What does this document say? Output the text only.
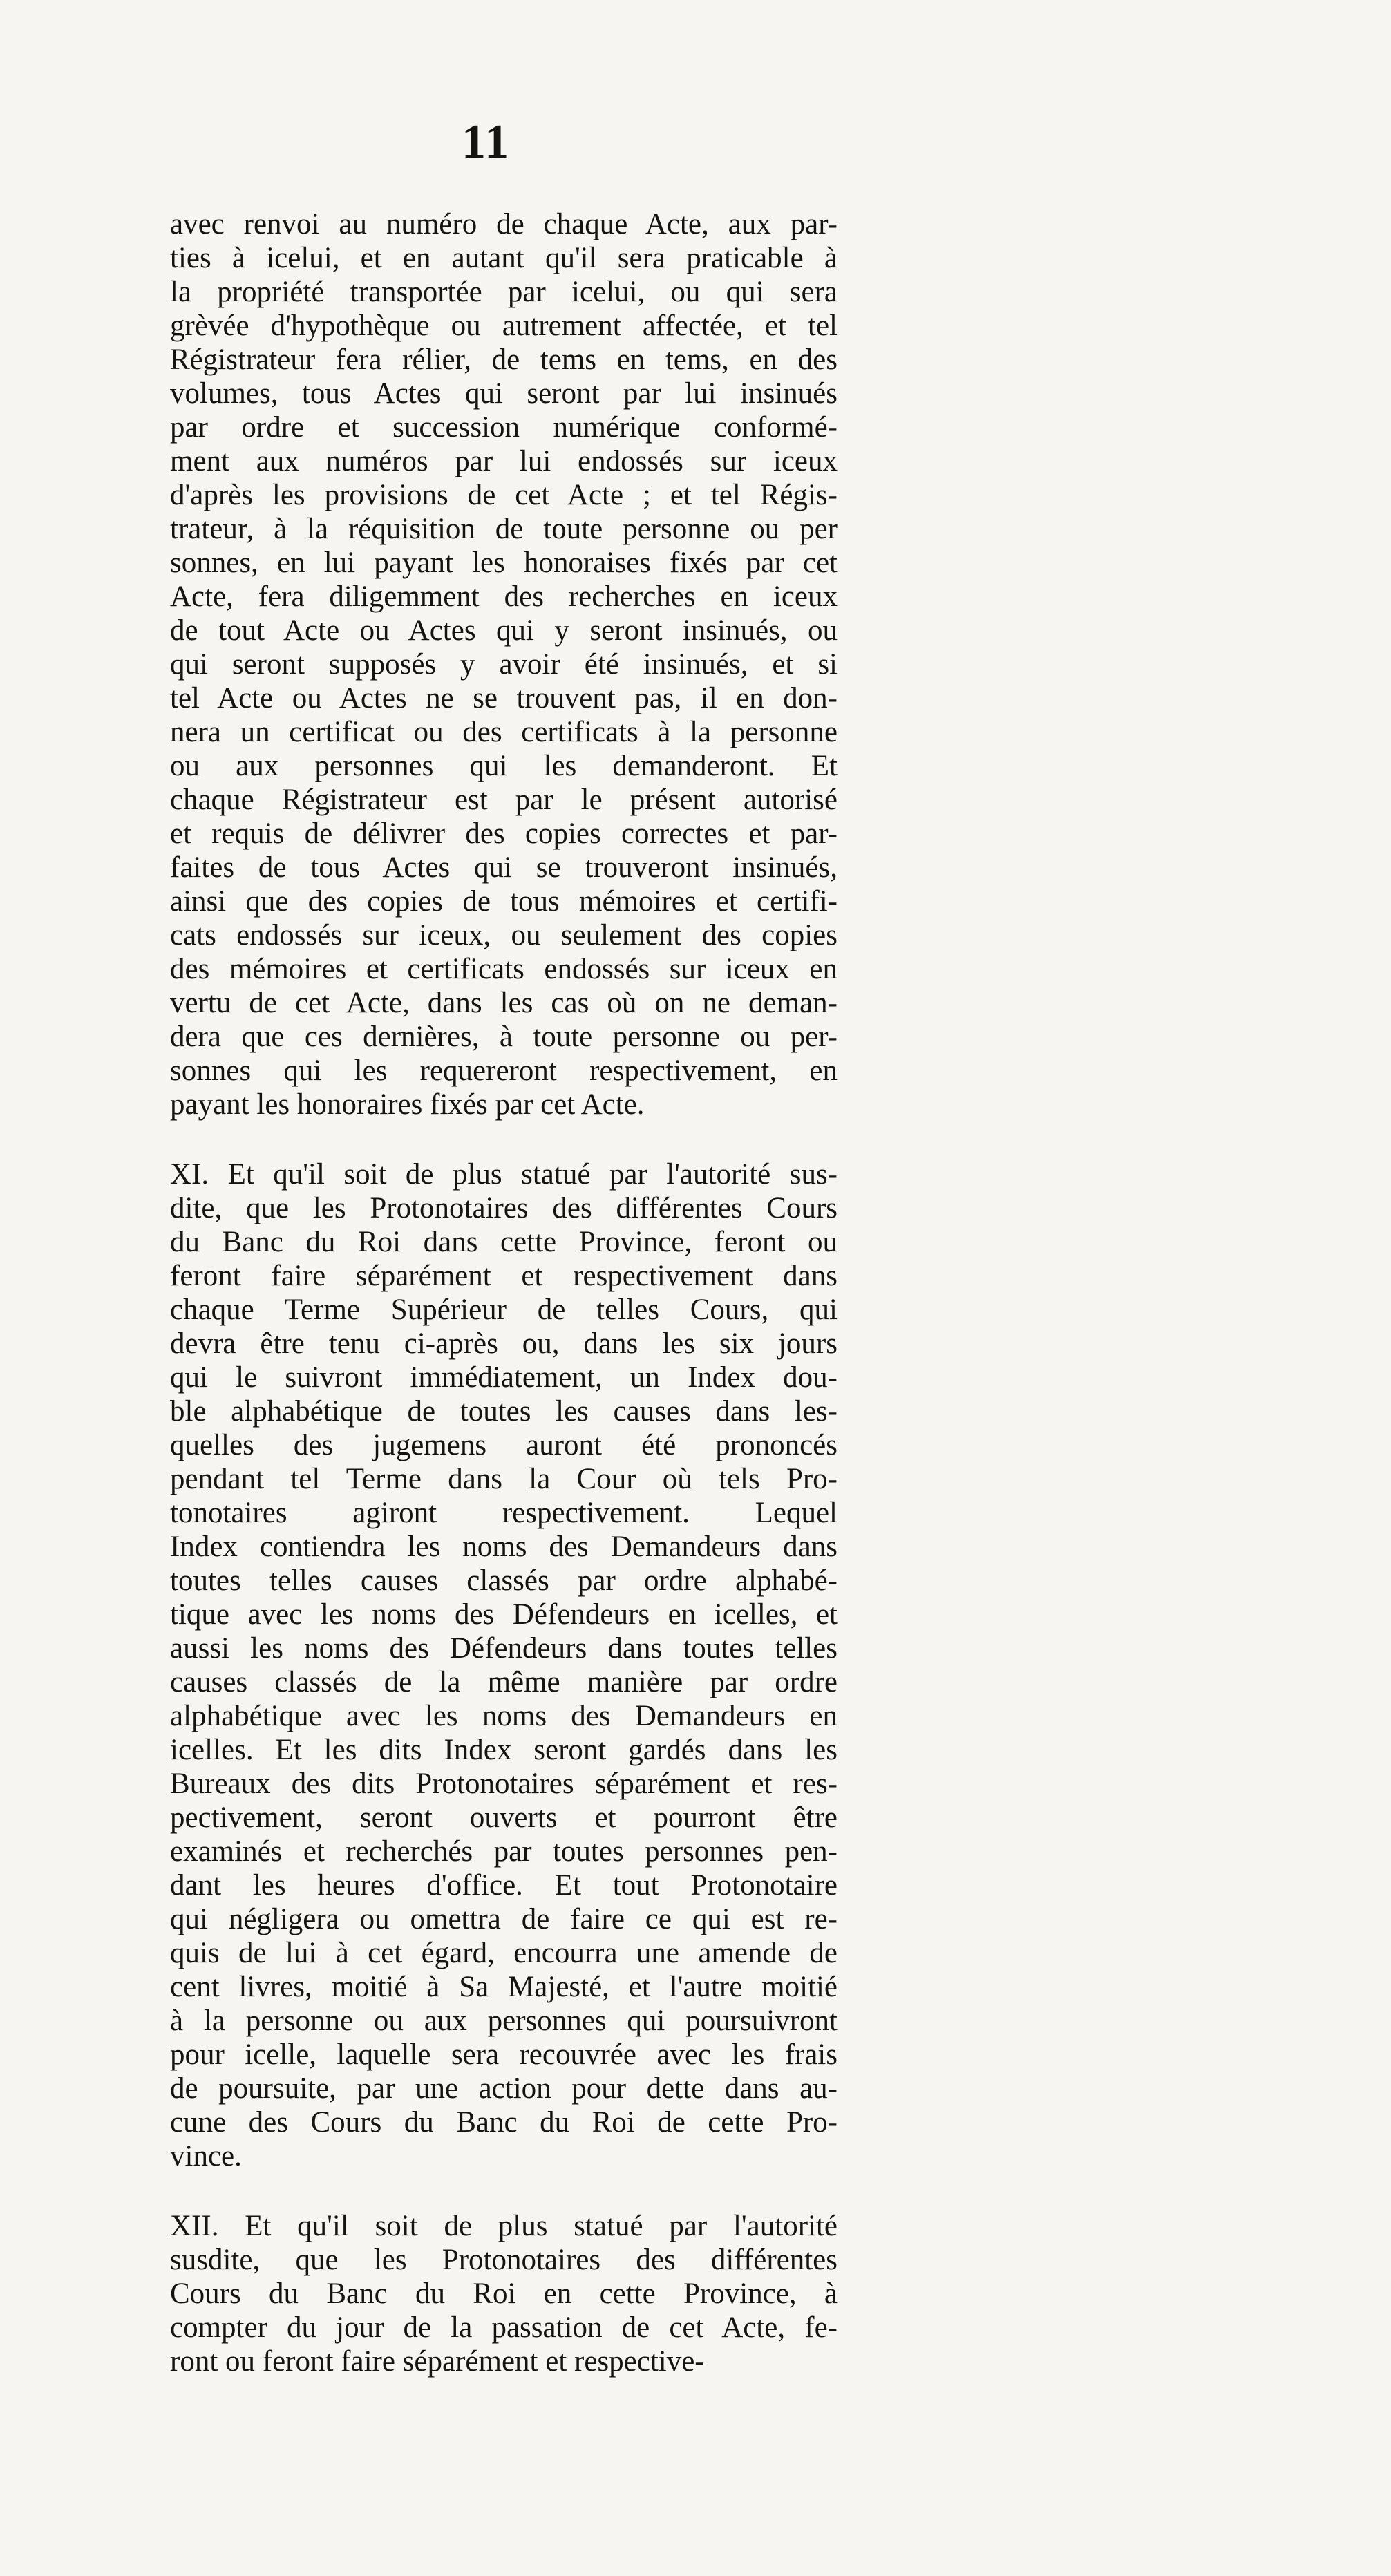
11
avec renvoi au numéro de chaque Acte, aux par-
ties à icelui, et en autant qu'il sera praticable à
la propriété transportée par icelui, ou qui sera
grèvée d'hypothèque ou autrement affectée, et tel
Régistrateur fera rélier, de tems en tems, en des
volumes, tous Actes qui seront par lui insinués
par ordre et succession numérique conformé-
ment aux numéros par lui endossés sur iceux
d'après les provisions de cet Acte ; et tel Régis-
trateur, à la réquisition de toute personne ou per
sonnes, en lui payant les honoraises fixés par cet
Acte, fera diligemment des recherches en iceux
de tout Acte ou Actes qui y seront insinués, ou
qui seront supposés y avoir été insinués, et si
tel Acte ou Actes ne se trouvent pas, il en don-
nera un certificat ou des certificats à la personne
ou aux personnes qui les demanderont. Et
chaque Régistrateur est par le présent autorisé
et requis de délivrer des copies correctes et par-
faites de tous Actes qui se trouveront insinués,
ainsi que des copies de tous mémoires et certifi-
cats endossés sur iceux, ou seulement des copies
des mémoires et certificats endossés sur iceux en
vertu de cet Acte, dans les cas où on ne deman-
dera que ces dernières, à toute personne ou per-
sonnes qui les requereront respectivement, en
payant les honoraires fixés par cet Acte.
XI. Et qu'il soit de plus statué par l'autorité sus-
dite, que les Protonotaires des différentes Cours
du Banc du Roi dans cette Province, feront ou
feront faire séparément et respectivement dans
chaque Terme Supérieur de telles Cours, qui
devra être tenu ci-après ou, dans les six jours
qui le suivront immédiatement, un Index dou-
ble alphabétique de toutes les causes dans les-
quelles des jugemens auront été prononcés
pendant tel Terme dans la Cour où tels Pro-
tonotaires agiront respectivement. Lequel
Index contiendra les noms des Demandeurs dans
toutes telles causes classés par ordre alphabé-
tique avec les noms des Défendeurs en icelles, et
aussi les noms des Défendeurs dans toutes telles
causes classés de la même manière par ordre
alphabétique avec les noms des Demandeurs en
icelles. Et les dits Index seront gardés dans les
Bureaux des dits Protonotaires séparément et res-
pectivement, seront ouverts et pourront être
examinés et recherchés par toutes personnes pen-
dant les heures d'office. Et tout Protonotaire
qui négligera ou omettra de faire ce qui est re-
quis de lui à cet égard, encourra une amende de
cent livres, moitié à Sa Majesté, et l'autre moitié
à la personne ou aux personnes qui poursuivront
pour icelle, laquelle sera recouvrée avec les frais
de poursuite, par une action pour dette dans au-
cune des Cours du Banc du Roi de cette Pro-
vince.
XII. Et qu'il soit de plus statué par l'autorité
susdite, que les Protonotaires des différentes
Cours du Banc du Roi en cette Province, à
compter du jour de la passation de cet Acte, fe-
ront ou feront faire séparément et respective-
